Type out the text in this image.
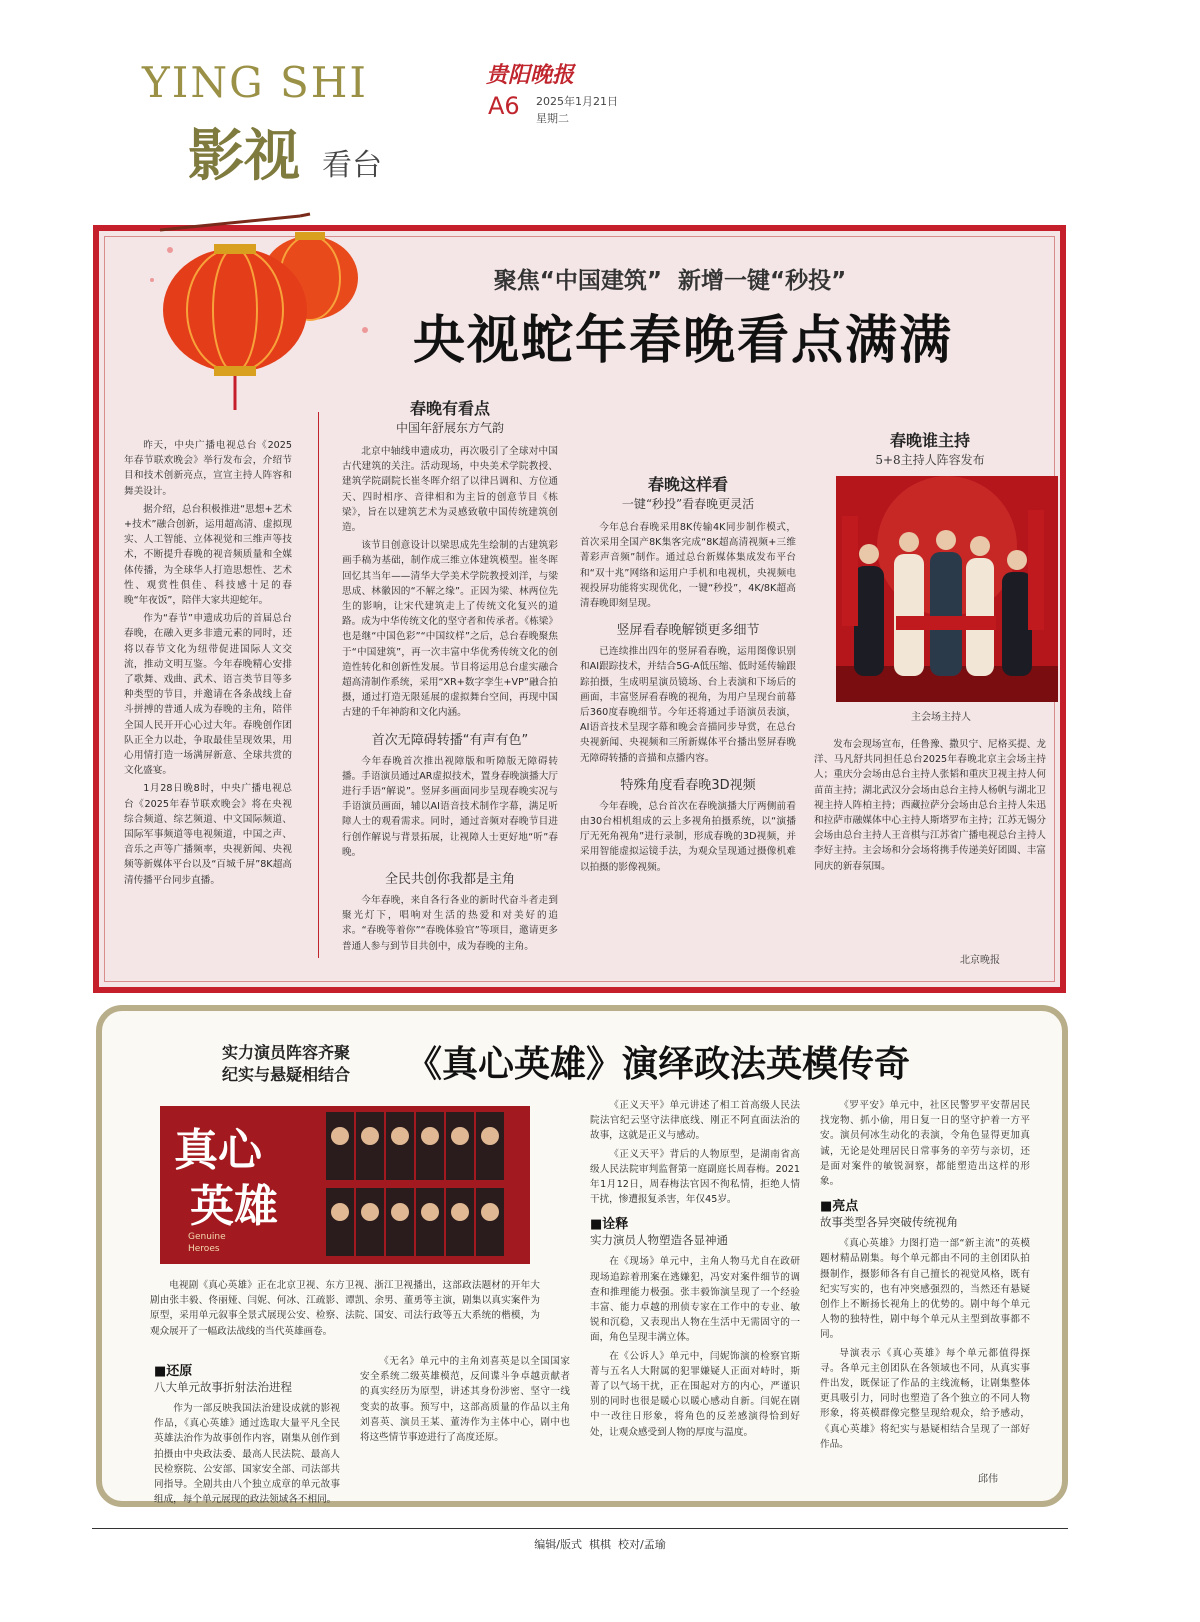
YING SHI
影视 看台
贵阳晚报
A6 2025年1月21日
星期二
聚焦“中国建筑”  新增一键“秒投”
央视蛇年春晚看点满满

昨天，中央广播电视总台《2025年春节联欢晚会》举行发布会，介绍节目和技术创新亮点，宣宣主持人阵容和舞美设计。

据介绍，总台积极推进“思想+艺术+技术”融合创新，运用超高清、虚拟现实、人工智能、立体视觉和三维声等技术，不断提升春晚的视音频质量和全媒体传播，为全球华人打造思想性、艺术性、观赏性俱佳、科技感十足的春晚“年夜饭”，陪伴大家共迎蛇年。

作为“春节”申遗成功后的首届总台春晚，在融入更多非遗元素的同时，还将以春节文化为纽带促进国际人文交流，推动文明互鉴。今年春晚精心安排了歌舞、戏曲、武术、语言类节目等多种类型的节目，并邀请在各条战线上奋斗拼搏的普通人成为春晚的主角，陪伴全国人民开开心心过大年。春晚创作团队正全力以赴，争取最佳呈现效果，用心用情打造一场满屏新意、全球共赏的文化盛宴。

1月28日晚8时，中央广播电视总台《2025年春节联欢晚会》将在央视综合频道、综艺频道、中文国际频道、国际军事频道等电视频道，中国之声、音乐之声等广播频率，央视新闻、央视频等新媒体平台以及“百城千屏”8K超高清传播平台同步直播。

春晚有看点
中国年舒展东方气韵

北京中轴线申遗成功，再次吸引了全球对中国古代建筑的关注。活动现场，中央美术学院教授、建筑学院副院长崔冬晖介绍了以律吕调和、方位通天、四时相序、音律相和为主旨的创意节目《栋梁》，旨在以建筑艺术为灵感致敬中国传统建筑创造。

该节目创意设计以梁思成先生绘制的古建筑彩画手稿为基础，制作成三维立体建筑模型。崔冬晖回忆其当年——清华大学美术学院教授刘洋，与梁思成、林徽因的“不解之缘”。正因为梁、林两位先生的影响，让宋代建筑走上了传统文化复兴的道路。成为中华传统文化的坚守者和传承者。《栋梁》也是继“中国色彩”“中国纹样”之后，总台春晚聚焦于“中国建筑”，再一次丰富中华优秀传统文化的创造性转化和创新性发展。节目将运用总台虚实融合超高清制作系统，采用“XR+数字孪生+VP”融合拍摄，通过打造无限延展的虚拟舞台空间，再现中国古建的千年神韵和文化内涵。

首次无障碍转播“有声有色”

今年春晚首次推出视障版和听障版无障碍转播。手语演员通过AR虚拟技术，置身春晚演播大厅进行手语“解说”。竖屏多画面同步呈现春晚实况与手语演员画面，辅以AI语音技术制作字幕，满足听障人士的观看需求。同时，通过音频对春晚节目进行创作解说与背景拓展，让视障人士更好地“听”春晚。

全民共创你我都是主角

今年春晚，来自各行各业的新时代奋斗者走到聚光灯下，唱响对生活的热爱和对美好的追求。“春晚等着你”“春晚体验官”等项目，邀请更多普通人参与到节目共创中，成为春晚的主角。

春晚这样看
一键“秒投”看春晚更灵活

今年总台春晚采用8K传输4K同步制作模式，首次采用全国产8K集客完成“8K超高清视频+三维菁彩声音频”制作。通过总台新媒体集成发布平台和“双十兆”网络和运用户手机和电视机，央视频电视投屏功能将实现优化，一键“秒投”，4K/8K超高清春晚即刻呈现。

竖屏看春晚解锁更多细节

已连续推出四年的竖屏看春晚，运用图像识别和AI跟踪技术，并结合5G-A低压缩、低时延传输跟踪拍摄，生成明星演员镜场、台上表演和下场后的画面，丰富竖屏看春晚的视角，为用户呈现台前幕后360度春晚细节。今年还将通过手语演员表演，AI语音技术呈现字幕和晚会音描同步导赏，在总台央视新闻、央视频和三所新媒体平台播出竖屏春晚无障碍转播的音描和点播内容。

特殊角度看春晚3D视频

今年春晚，总台首次在春晚演播大厅两侧前看由30台相机组成的云上多视角拍摄系统，以“演播厅无死角视角”进行录制，形成春晚的3D视频，并采用智能虚拟运镜手法，为观众呈现通过摄像机难以拍摄的影像视频。

春晚谁主持
5+8主持人阵容发布
主会场主持人

发布会现场宣布，任鲁豫、撒贝宁、尼格买提、龙洋、马凡舒共同担任总台2025年春晚北京主会场主持人；重庆分会场由总台主持人张韬和重庆卫视主持人何苗苗主持；湖北武汉分会场由总台主持人杨帆与湖北卫视主持人阵柏主持；西藏拉萨分会场由总台主持人朱迅和拉萨市融媒体中心主持人斯塔罗布主持；江苏无锡分会场由总台主持人王音棋与江苏省广播电视总台主持人李好主持。主会场和分会场将携手传递美好团圆、丰富同庆的新春氛围。

北京晚报
实力演员阵容齐聚
纪实与悬疑相结合 《真心英雄》演绎政法英模传奇
真心
英雄
Genuine
Heroes

电视剧《真心英雄》正在北京卫视、东方卫视、浙江卫视播出，这部政法题材的开年大剧由张丰毅、佟丽娅、闫妮、何冰、江疏影、谭凯、余男、董勇等主演，剧集以真实案件为原型，采用单元叙事全景式展现公安、检察、法院、国安、司法行政等五大系统的楷模，为观众展开了一幅政法战线的当代英雄画卷。

■还原
八大单元故事折射法治进程

作为一部反映我国法治建设成就的影视作品，《真心英雄》通过选取大量平凡全民英雄法治作为故事创作内容，剧集从创作到拍摄由中央政法委、最高人民法院、最高人民检察院、公安部、国家安全部、司法部共同指导。全剧共由八个独立成章的单元故事组成，每个单元展现的政法领域各不相同。

《无名》单元中的主角刘喜英是以全国国家安全系统二级英雄模范，反间谍斗争卓越贡献者的真实经历为原型，讲述其身份涉密、坚守一线变卖的故事。预写中，这部高质量的作品以主角刘喜英、演员王某、董涛作为主体中心，剧中也将这些情节事迹进行了高度还原。

《正义天平》单元讲述了相工首高级人民法院法官纪云坚守法律底线、刚正不阿直面法治的故事，这就是正义与感动。

《正义天平》背后的人物原型，是湖南省高级人民法院审判监督第一庭副庭长周春梅。2021年1月12日，周春梅法官因不徇私情，拒绝人情干扰，惨遭报复杀害，年仅45岁。

■诠释
实力演员人物塑造各显神通

在《现场》单元中，主角人物马尤自在政研现场追踪着刑案在逃嫌犯，冯安对案件细节的调查和推理能力极强。张丰毅饰演呈现了一个经验丰富、能力卓越的刑侦专家在工作中的专业、敏锐和沉稳，又表现出人物在生活中无需固守的一面，角色呈现丰满立体。

在《公诉人》单元中，闫妮饰演的检察官斯菁与五名人大附属的犯罪嫌疑人正面对峙时，斯菁了以气场干扰，正在围起对方的内心，严谨识别的同时也很是暖心以暖心感动自新。闫妮在剧中一改往日形象，将角色的反差感演得恰到好处，让观众感受到人物的厚度与温度。

《罗平安》单元中，社区民警罗平安帮居民找宠物、抓小偷，用日复一日的坚守护着一方平安。演员何冰生动化的表演，令角色显得更加真诚，无论是处理居民日常事务的辛劳与亲切，还是面对案件的敏锐洞察，都能塑造出这样的形象。

■亮点
故事类型各异突破传统视角

《真心英雄》力图打造一部“新主流”的英模题材精品剧集。每个单元都由不同的主创团队拍摄制作，摄影师各有自己擅长的视觉风格，既有纪实写实的，也有冲突感强烈的，当然还有悬疑创作上不断扬长视角上的优势的。剧中每个单元人物的独特性，剧中每个单元从主型到故事都不同。

导演表示《真心英雄》每个单元都值得探寻。各单元主创团队在各领域也不同，从真实事件出发，既保证了作品的主线流畅，让剧集整体更具吸引力，同时也塑造了各个独立的不同人物形象，将英模群像完整呈现给观众，给予感动，《真心英雄》将纪实与悬疑相结合呈现了一部好作品。

邱伟
编辑/版式  棋棋  校对/孟瑜
